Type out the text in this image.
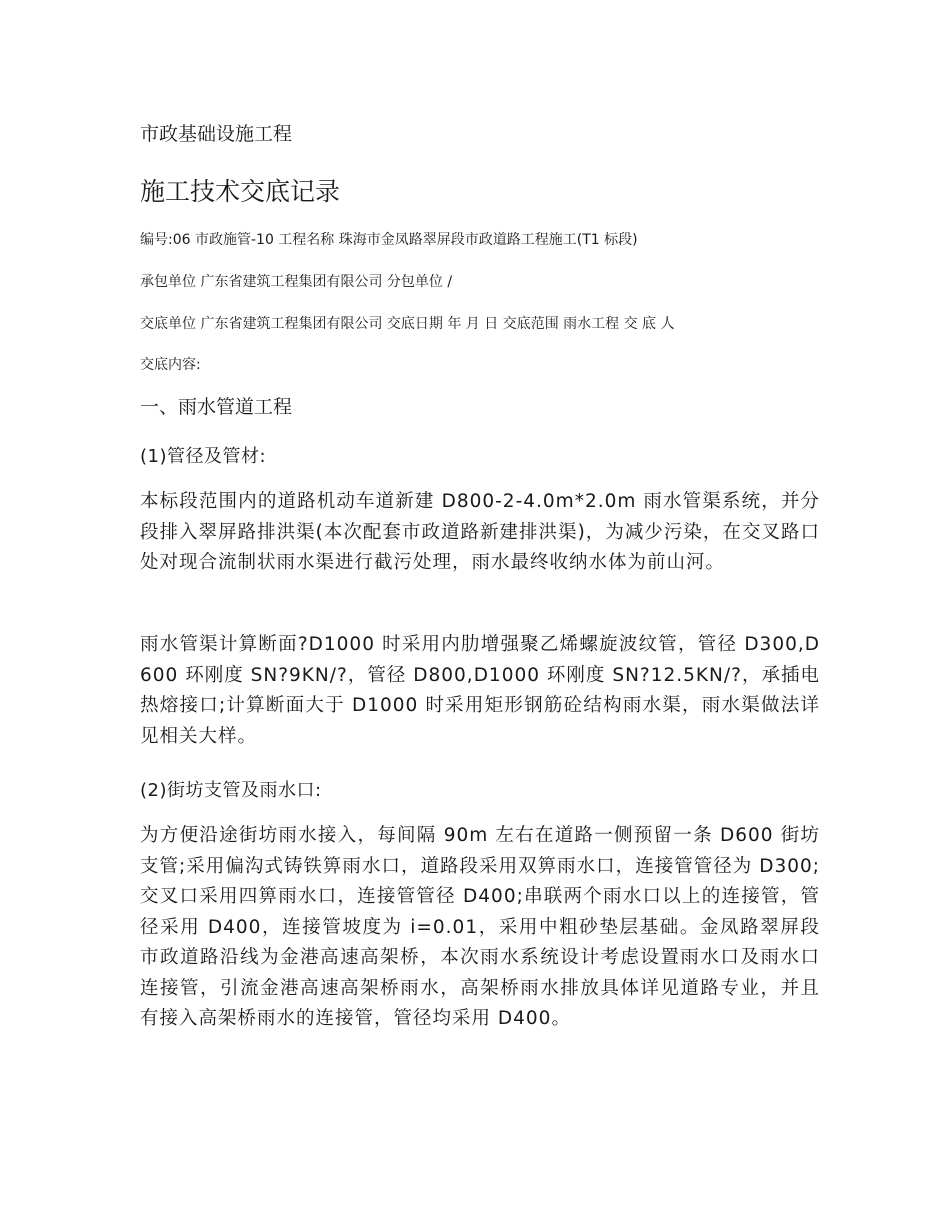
市政基础设施工程

施工技术交底记录

编号:06 市政施管-10 工程名称 珠海市金凤路翠屏段市政道路工程施工(T1 标段)

承包单位 广东省建筑工程集团有限公司 分包单位 /

交底单位 广东省建筑工程集团有限公司 交底日期 年 月 日 交底范围 雨水工程 交 底 人

交底内容:

一、雨水管道工程

(1)管径及管材:

本标段范围内的道路机动车道新建 D800-2-4.0m*2.0m 雨水管渠系统，并分段排入翠屏路排洪渠(本次配套市政道路新建排洪渠)，为减少污染，在交叉路口处对现合流制状雨水渠进行截污处理，雨水最终收纳水体为前山河。

雨水管渠计算断面?D1000 时采用内肋增强聚乙烯螺旋波纹管，管径 D300,D600 环刚度 SN?9KN/?，管径 D800,D1000 环刚度 SN?12.5KN/?，承插电热熔接口;计算断面大于 D1000 时采用矩形钢筋砼结构雨水渠，雨水渠做法详见相关大样。

(2)街坊支管及雨水口:

为方便沿途街坊雨水接入，每间隔 90m 左右在道路一侧预留一条 D600 街坊支管;采用偏沟式铸铁箅雨水口，道路段采用双箅雨水口，连接管管径为 D300;交叉口采用四箅雨水口，连接管管径 D400;串联两个雨水口以上的连接管，管径采用 D400，连接管坡度为 i=0.01，采用中粗砂垫层基础。金凤路翠屏段市政道路沿线为金港高速高架桥，本次雨水系统设计考虑设置雨水口及雨水口连接管，引流金港高速高架桥雨水，高架桥雨水排放具体详见道路专业，并且有接入高架桥雨水的连接管，管径均采用 D400。
